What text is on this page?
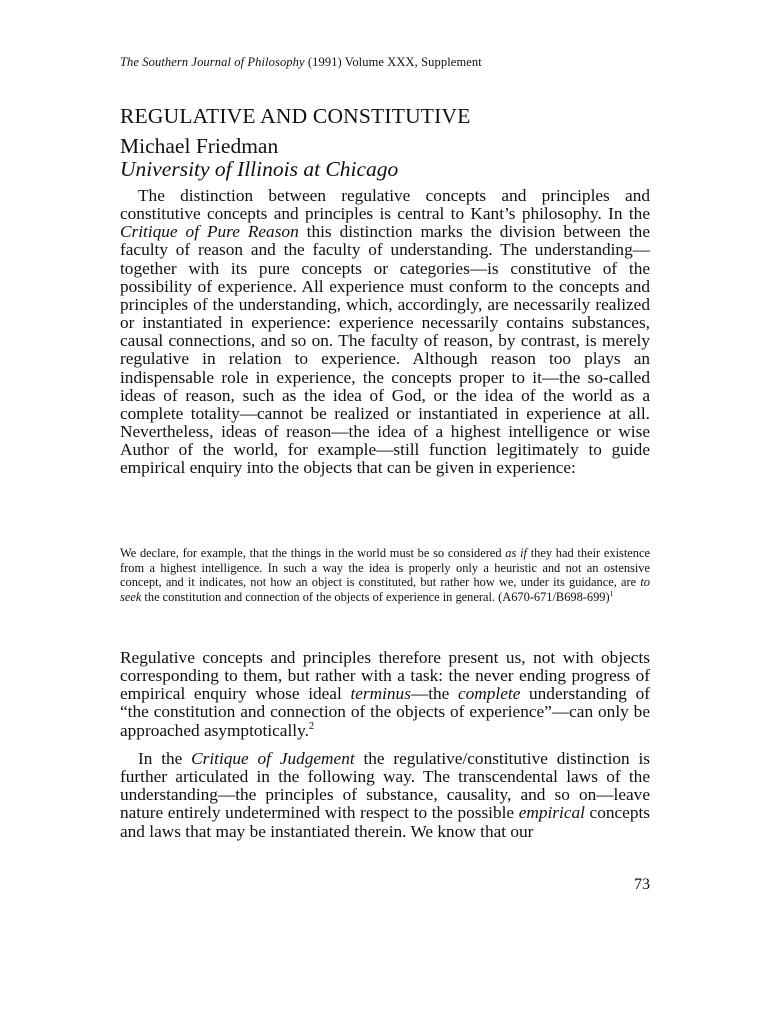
The Southern Journal of Philosophy (1991) Volume XXX, Supplement
REGULATIVE AND CONSTITUTIVE
Michael Friedman
University of Illinois at Chicago

The distinction between regulative concepts and principles and constitutive concepts and principles is central to Kant’s philosophy. In the Critique of Pure Reason this distinction marks the division between the faculty of reason and the faculty of understanding. The understanding—together with its pure concepts or categories—is constitutive of the possibility of experience. All experience must conform to the concepts and principles of the understanding, which, accordingly, are necessarily realized or instantiated in experience: experience necessarily contains substances, causal connections, and so on. The faculty of reason, by contrast, is merely regulative in relation to experience. Although reason too plays an indispensable role in experience, the concepts proper to it—the so-called ideas of reason, such as the idea of God, or the idea of the world as a complete totality—cannot be realized or instantiated in experience at all. Nevertheless, ideas of reason—the idea of a highest intelligence or wise Author of the world, for example—still function legitimately to guide empirical enquiry into the objects that can be given in experience:

We declare, for example, that the things in the world must be so considered as if they had their existence from a highest intelligence. In such a way the idea is properly only a heuristic and not an ostensive concept, and it indicates, not how an object is constituted, but rather how we, under its guidance, are to seek the constitution and connection of the objects of experience in general. $(A670-671/B698-699)^1$

Regulative concepts and principles therefore present us, not with objects corresponding to them, but rather with a task: the never ending progress of empirical enquiry whose ideal terminus—the complete understanding of “the constitution and connection of the objects of experience”—can only be approached asymptotically.$^2$

In the Critique of Judgement the regulative/constitutive distinction is further articulated in the following way. The transcendental laws of the understanding—the principles of substance, causality, and so on—leave nature entirely undetermined with respect to the possible empirical concepts and laws that may be instantiated therein. We know that our

73
